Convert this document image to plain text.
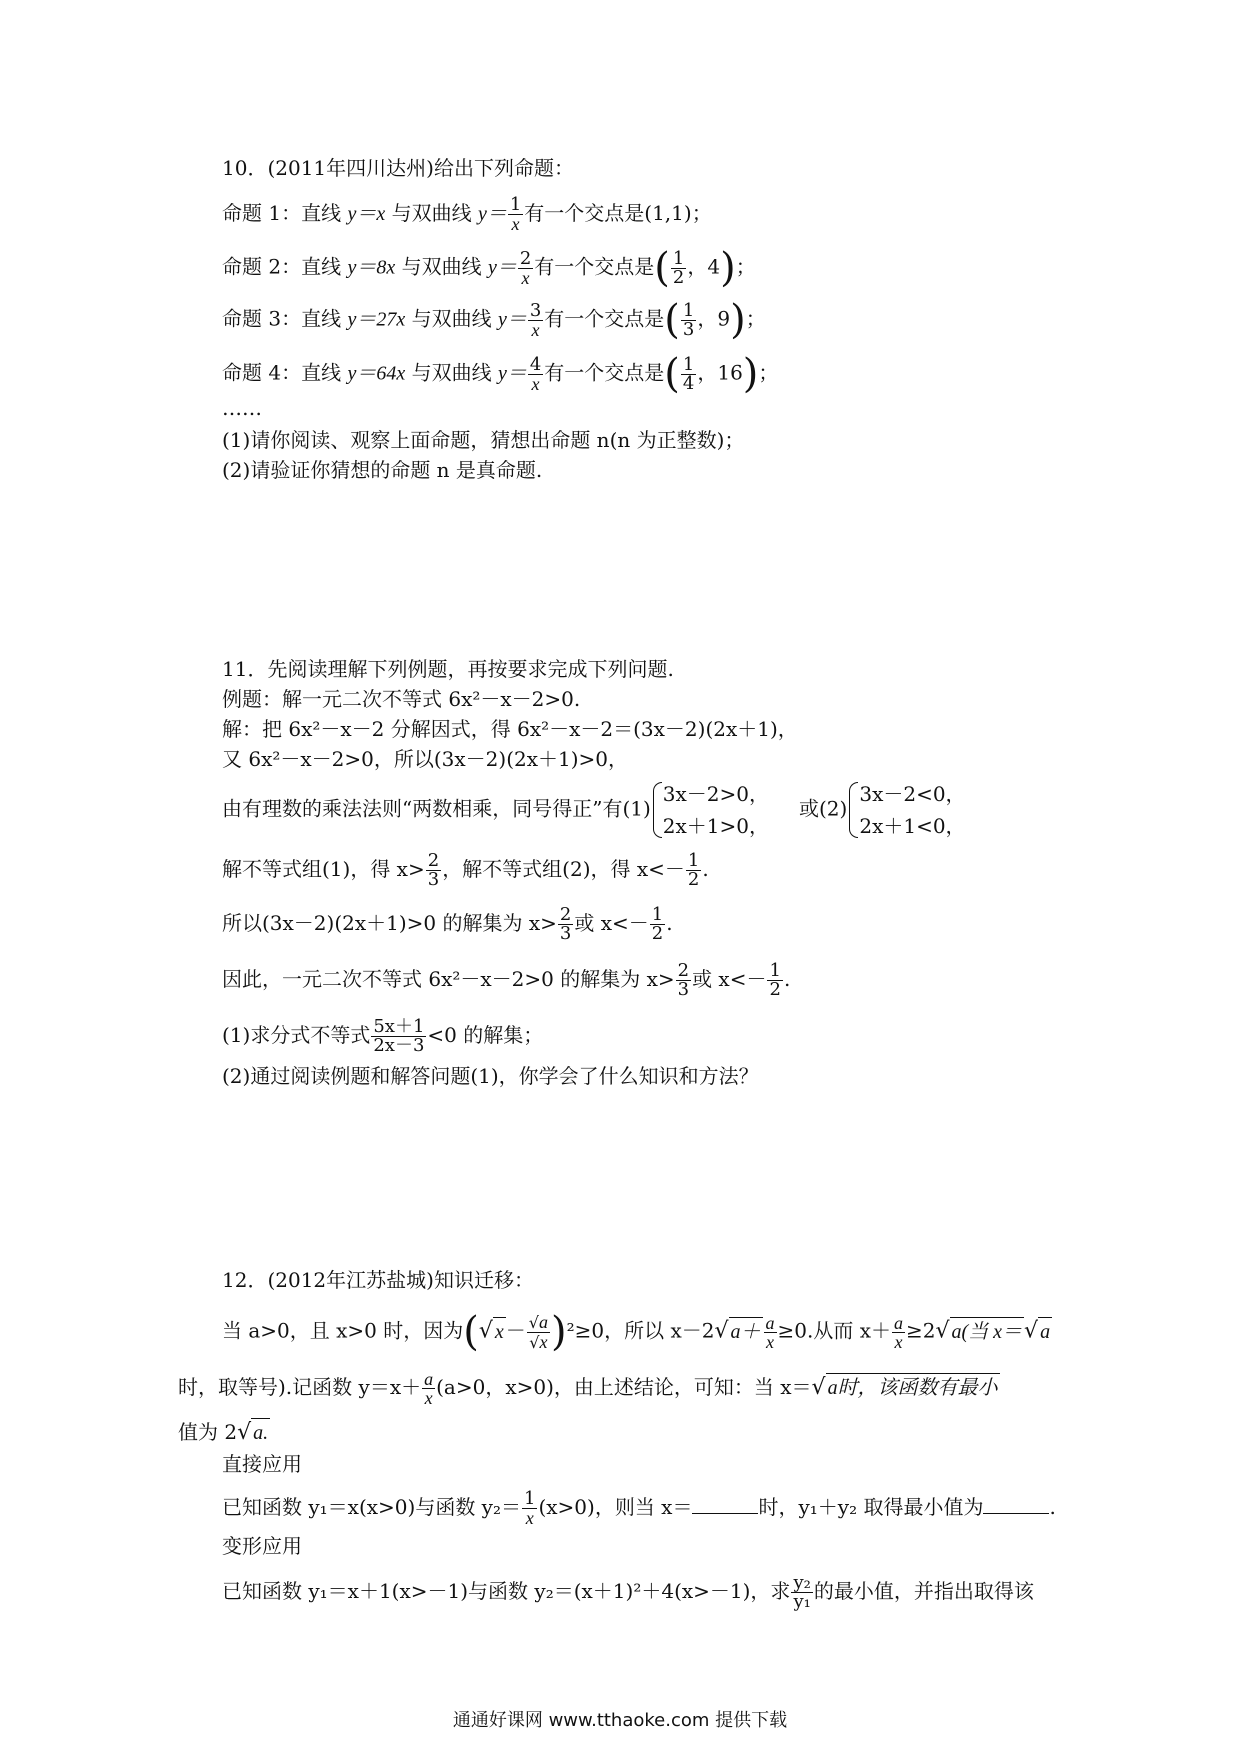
10．(2011年四川达州)给出下列命题：
命题 1：直线 y＝x 与双曲线 $y= \frac{1}{x}$ 有一个交点是(1,1)；
命题 2：直线 y＝8x 与双曲线 $y= \frac{2}{x}$ 有一个交点是( $\frac{1}{2}$ ，4)；
命题 3：直线 y＝27x 与双曲线 $y= \frac{3}{x}$ 有一个交点是( $\frac{1}{3}$ ，9)；
命题 4：直线 y＝64x 与双曲线 $y= \frac{4}{x}$ 有一个交点是( $\frac{1}{4}$ ，16)；
……
(1)请你阅读、观察上面命题，猜想出命题 n(n 为正整数)；
(2)请验证你猜想的命题 n 是真命题.
11．先阅读理解下列例题，再按要求完成下列问题.
例题：解一元二次不等式 6x²－x－2>0.
解：把 6x²－x－2 分解因式，得 6x²－x－2＝(3x－2)(2x＋1)，
又 6x²－x－2>0，所以(3x－2)(2x＋1)>0，
由有理数的乘法法则“两数相乘，同号得正”有(1)
3x－2>0，
2x＋1>0，
或(2)
3x－2<0，
2x＋1<0，
解不等式组(1)，得 $x> \frac{2}{3}$ ，解不等式组(2)，得 $x<- \frac{1}{2}$ .
所以(3x－2)(2x＋1)>0 的解集为 $x> \frac{2}{3}$ 或 $x<- \frac{1}{2}$ .
因此，一元二次不等式 6x²－x－2>0 的解集为 $x> \frac{2}{3}$ 或 $x<- \frac{1}{2}$ .
(1)求分式不等式 $\frac{5x+1}{2x-3} <0$ 的解集；
(2)通过阅读例题和解答问题(1)，你学会了什么知识和方法？
12．(2012年江苏盐城)知识迁移：
当 a>0，且 x>0 时，因为(√ $x - \frac{√a}{√x} )^2\ge 0$，所以 x－2√ $a+ \frac{a}{x} \ge 0$.从而 $x+ \frac{a}{x} \ge 2√$ a(当 x＝√ a
时，取等号).记函数 $y=x+ \frac{a}{x} (a>0$，x>0)，由上述结论，可知：当 x＝√ a时，该函数有最小
值为 2√ a.
直接应用
已知函数 y₁＝x(x>0)与函数 $y_2= \frac{1}{x} (x>0)$，则当 x＝	时，y₁＋y₂ 取得最小值为	.
变形应用
已知函数 y₁＝x＋1(x>－1)与函数 y₂＝(x＋1)²＋4(x>－1)，求 $\frac{\text{y₂}}{\text{y₁}}$ 的最小值，并指出取得该
通通好课网 www.tthaoke.com 提供下载
